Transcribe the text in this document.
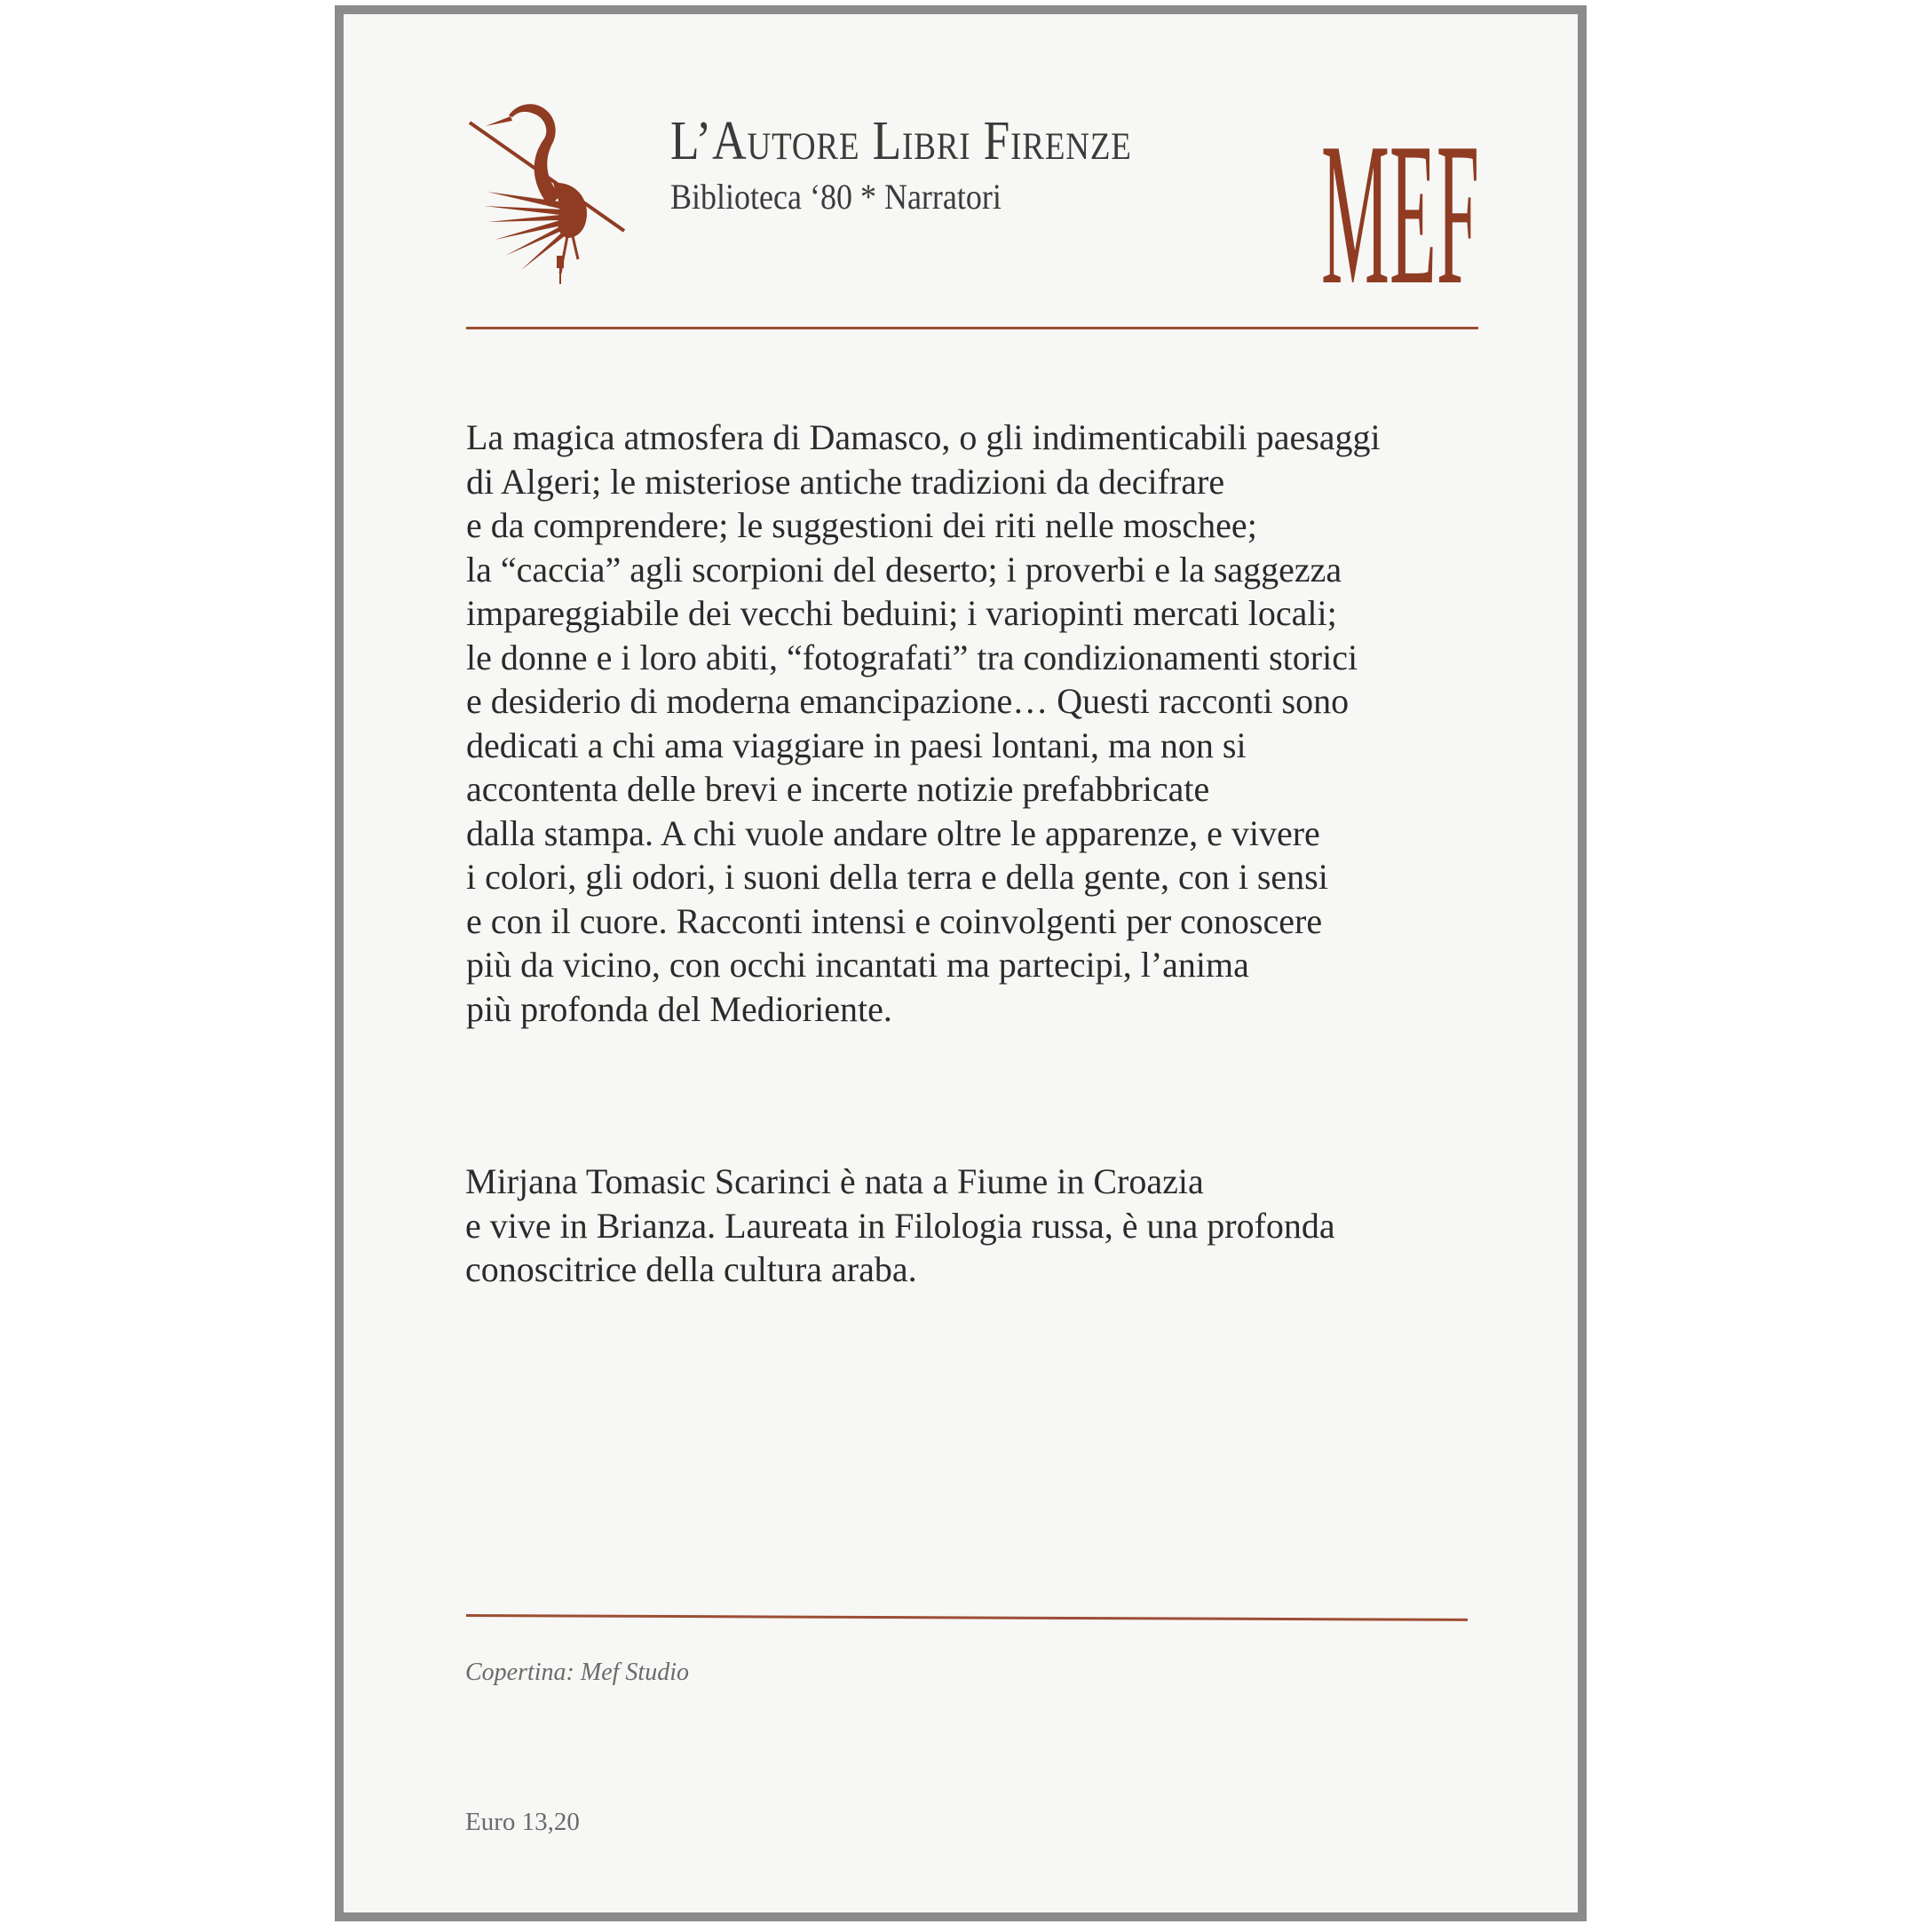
L’Autore Libri Firenze
Biblioteca ‘80 * Narratori MEF
La magica atmosfera di Damasco, o gli indimenticabili paesaggi
di Algeri; le misteriose antiche tradizioni da decifrare
e da comprendere; le suggestioni dei riti nelle moschee;
la “caccia” agli scorpioni del deserto; i proverbi e la saggezza
impareggiabile dei vecchi beduini; i variopinti mercati locali;
le donne e i loro abiti, “fotografati” tra condizionamenti storici
e desiderio di moderna emancipazione… Questi racconti sono
dedicati a chi ama viaggiare in paesi lontani, ma non si
accontenta delle brevi e incerte notizie prefabbricate
dalla stampa. A chi vuole andare oltre le apparenze, e vivere
i colori, gli odori, i suoni della terra e della gente, con i sensi
e con il cuore. Racconti intensi e coinvolgenti per conoscere
più da vicino, con occhi incantati ma partecipi, l’anima
più profonda del Medioriente.
Mirjana Tomasic Scarinci è nata a Fiume in Croazia
e vive in Brianza. Laureata in Filologia russa, è una profonda
conoscitrice della cultura araba.
Copertina: Mef Studio
Euro 13,20
